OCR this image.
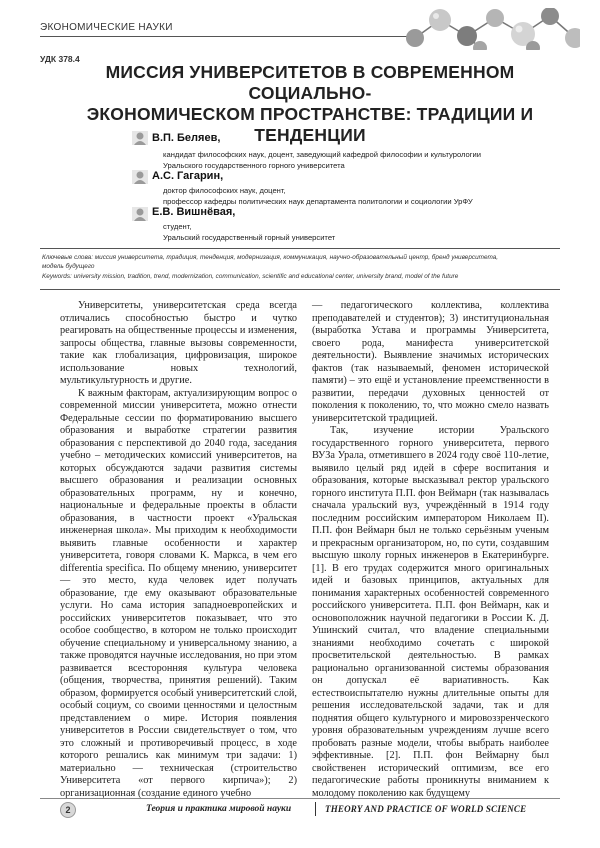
ЭКОНОМИЧЕСКИЕ НАУКИ
УДК 378.4
МИССИЯ УНИВЕРСИТЕТОВ В СОВРЕМЕННОМ СОЦИАЛЬНО-
ЭКОНОМИЧЕСКОМ ПРОСТРАНСТВЕ: ТРАДИЦИИ И ТЕНДЕНЦИИ
В.П. Беляев,
кандидат философских наук, доцент, заведующий кафедрой философии и культурологии
Уральского государственного горного университета
А.С. Гагарин,
доктор философских наук, доцент,
профессор кафедры политических наук департамента политологии и социологии УрФУ
Е.В. Вишнёвая,
студент,
Уральский государственный горный университет
Ключевые слова: миссия университета, традиция, тенденция, модернизация, коммуникация, научно-образовательный центр, бренд университета,
модель будущего
Keywords: university mission, tradition, trend, modernization, communication, scientific and educational center, university brand, model of the future

Университеты, университетская среда всегда отличались способностью быстро и чутко реагировать на общественные процессы и изменения, запросы общества, главные вызовы современности, такие как глобализация, цифровизация, широкое использование новых технологий, мультикультурность и другие.

К важным факторам, актуализирующим вопрос о современной миссии университета, можно отнести Федеральные сессии по форматированию высшего образования и выработке стратегии развития образования с перспективой до 2040 года, заседания учебно – методических комиссий университетов, на которых обсуждаются задачи развития системы высшего образования и реализации основных образовательных программ, ну и конечно, национальные и федеральные проекты в области образования, в частности проект «Уральская инженерная школа». Мы приходим к необходимости выявить главные особенности и характер университета, говоря словами К. Маркса, в чем его differentia specifica. По общему мнению, университет — это место, куда человек идет получать образование, где ему оказывают образовательные услуги. Но сама история западноевропейских и российских университетов показывает, что это особое сообщество, в котором не только происходит обучение специальному и универсальному знанию, а также проводятся научные исследования, но при этом развивается всесторонняя культура человека (общения, творчества, принятия решений). Таким образом, формируется особый университетский слой, особый социум, со своими ценностями и целостным представлением о мире. История появления университетов в России свидетельствует о том, что это сложный и противоречивый процесс, в ходе которого решались как минимум три задачи: 1) материально — техническая (строительство Университета «от первого кирпича»); 2) организационная (создание единого учебно

— педагогического коллектива, коллектива преподавателей и студентов); 3) институциональная (выработка Устава и программы Университета, своего рода, манифеста университетской деятельности). Выявление значимых исторических фактов (так называемый, феномен исторической памяти) – это ещё и установление преемственности в развитии, передачи духовных ценностей от поколения к поколению, то, что можно смело назвать университетской традицией.

Так, изучение истории Уральского государственного горного университета, первого ВУЗа Урала, отметившего в 2024 году своё 110-летие, выявило целый ряд идей в сфере воспитания и образования, которые высказывал ректор уральского горного института П.П. фон Веймарн (так называлась сначала уральский вуз, учреждённый в 1914 году последним российским императором Николаем II). П.П. фон Веймарн был не только серьёзным ученым и прекрасным организатором, но, по сути, создавшим высшую школу горных инженеров в Екатеринбурге. [1]. В его трудах содержится много оригинальных идей и базовых принципов, актуальных для понимания характерных особенностей современного российского университета. П.П. фон Веймарн, как и основоположник научной педагогики в России К. Д. Ушинский считал, что владение специальными знаниями необходимо сочетать с широкой просветительской деятельностью. В рамках рационально организованной системы образования он допускал её вариативность. Как естествоиспытателю нужны длительные опыты для решения исследовательской задачи, так и для поднятия общего культурного и мировоззренческого уровня образовательным учреждениям лучше всего пробовать разные модели, чтобы выбрать наиболее эффективные. [2]. П.П. фон Веймарну был свойственен исторический оптимизм, все его педагогические работы проникнуты вниманием к молодому поколению как будущему

2	Теория и практика мировой науки	THEORY AND PRACTICE OF WORLD SCIENCE
